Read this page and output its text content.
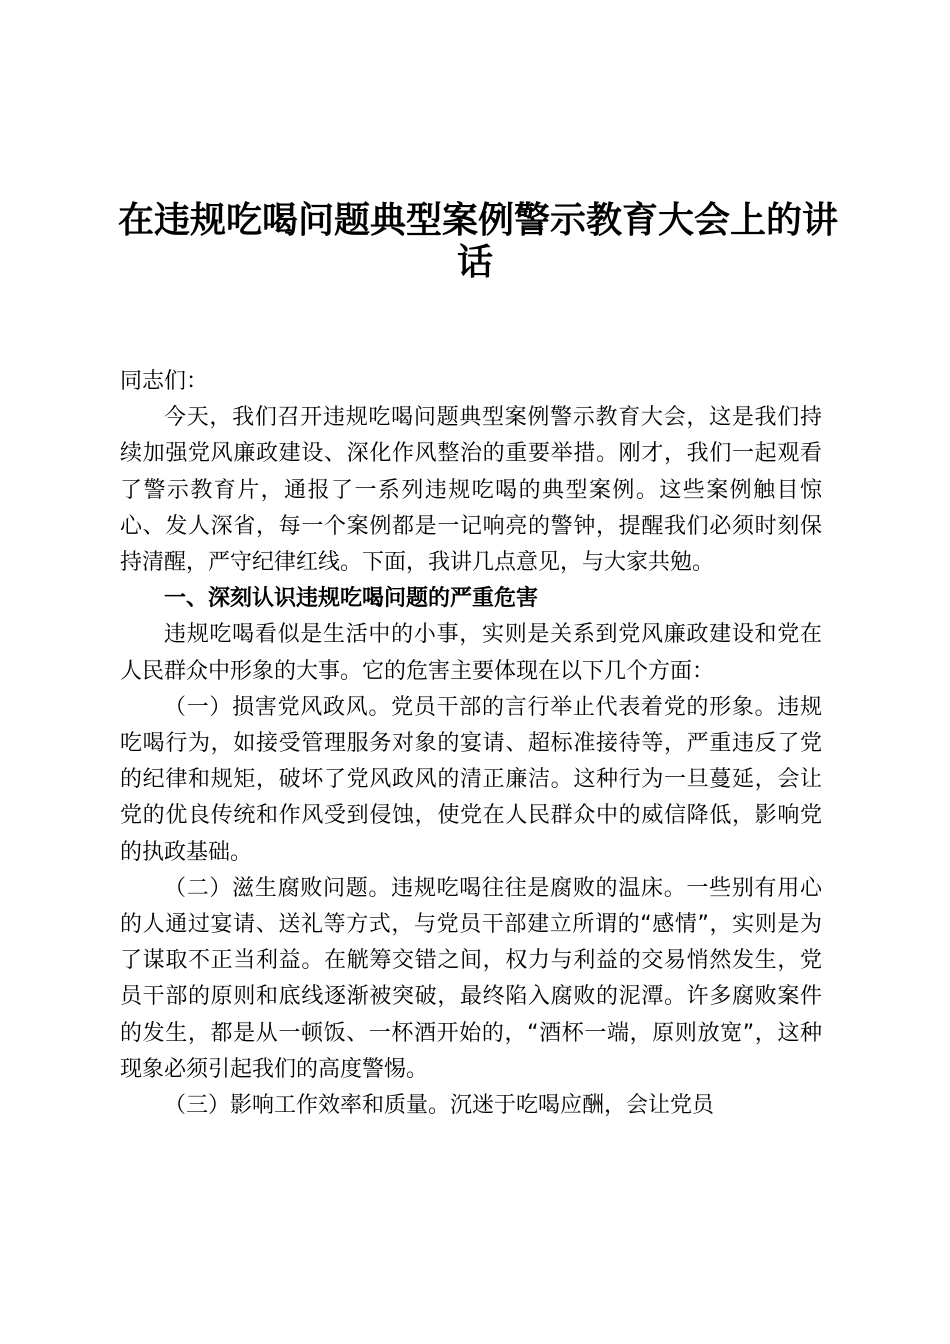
在违规吃喝问题典型案例警示教育大会上的讲
话

同志们：

今天，我们召开违规吃喝问题典型案例警示教育大会，这是我们持续加强党风廉政建设、深化作风整治的重要举措。刚才，我们一起观看了警示教育片，通报了一系列违规吃喝的典型案例。这些案例触目惊心、发人深省，每一个案例都是一记响亮的警钟，提醒我们必须时刻保持清醒，严守纪律红线。下面，我讲几点意见，与大家共勉。

一、深刻认识违规吃喝问题的严重危害

违规吃喝看似是生活中的小事，实则是关系到党风廉政建设和党在人民群众中形象的大事。它的危害主要体现在以下几个方面：

（一）损害党风政风。党员干部的言行举止代表着党的形象。违规吃喝行为，如接受管理服务对象的宴请、超标准接待等，严重违反了党的纪律和规矩，破坏了党风政风的清正廉洁。这种行为一旦蔓延，会让党的优良传统和作风受到侵蚀，使党在人民群众中的威信降低，影响党的执政基础。

（二）滋生腐败问题。违规吃喝往往是腐败的温床。一些别有用心的人通过宴请、送礼等方式，与党员干部建立所谓的“感情”，实则是为了谋取不正当利益。在觥筹交错之间，权力与利益的交易悄然发生，党员干部的原则和底线逐渐被突破，最终陷入腐败的泥潭。许多腐败案件的发生，都是从一顿饭、一杯酒开始的，“酒杯一端，原则放宽”，这种现象必须引起我们的高度警惕。

（三）影响工作效率和质量。沉迷于吃喝应酬，会让党员
